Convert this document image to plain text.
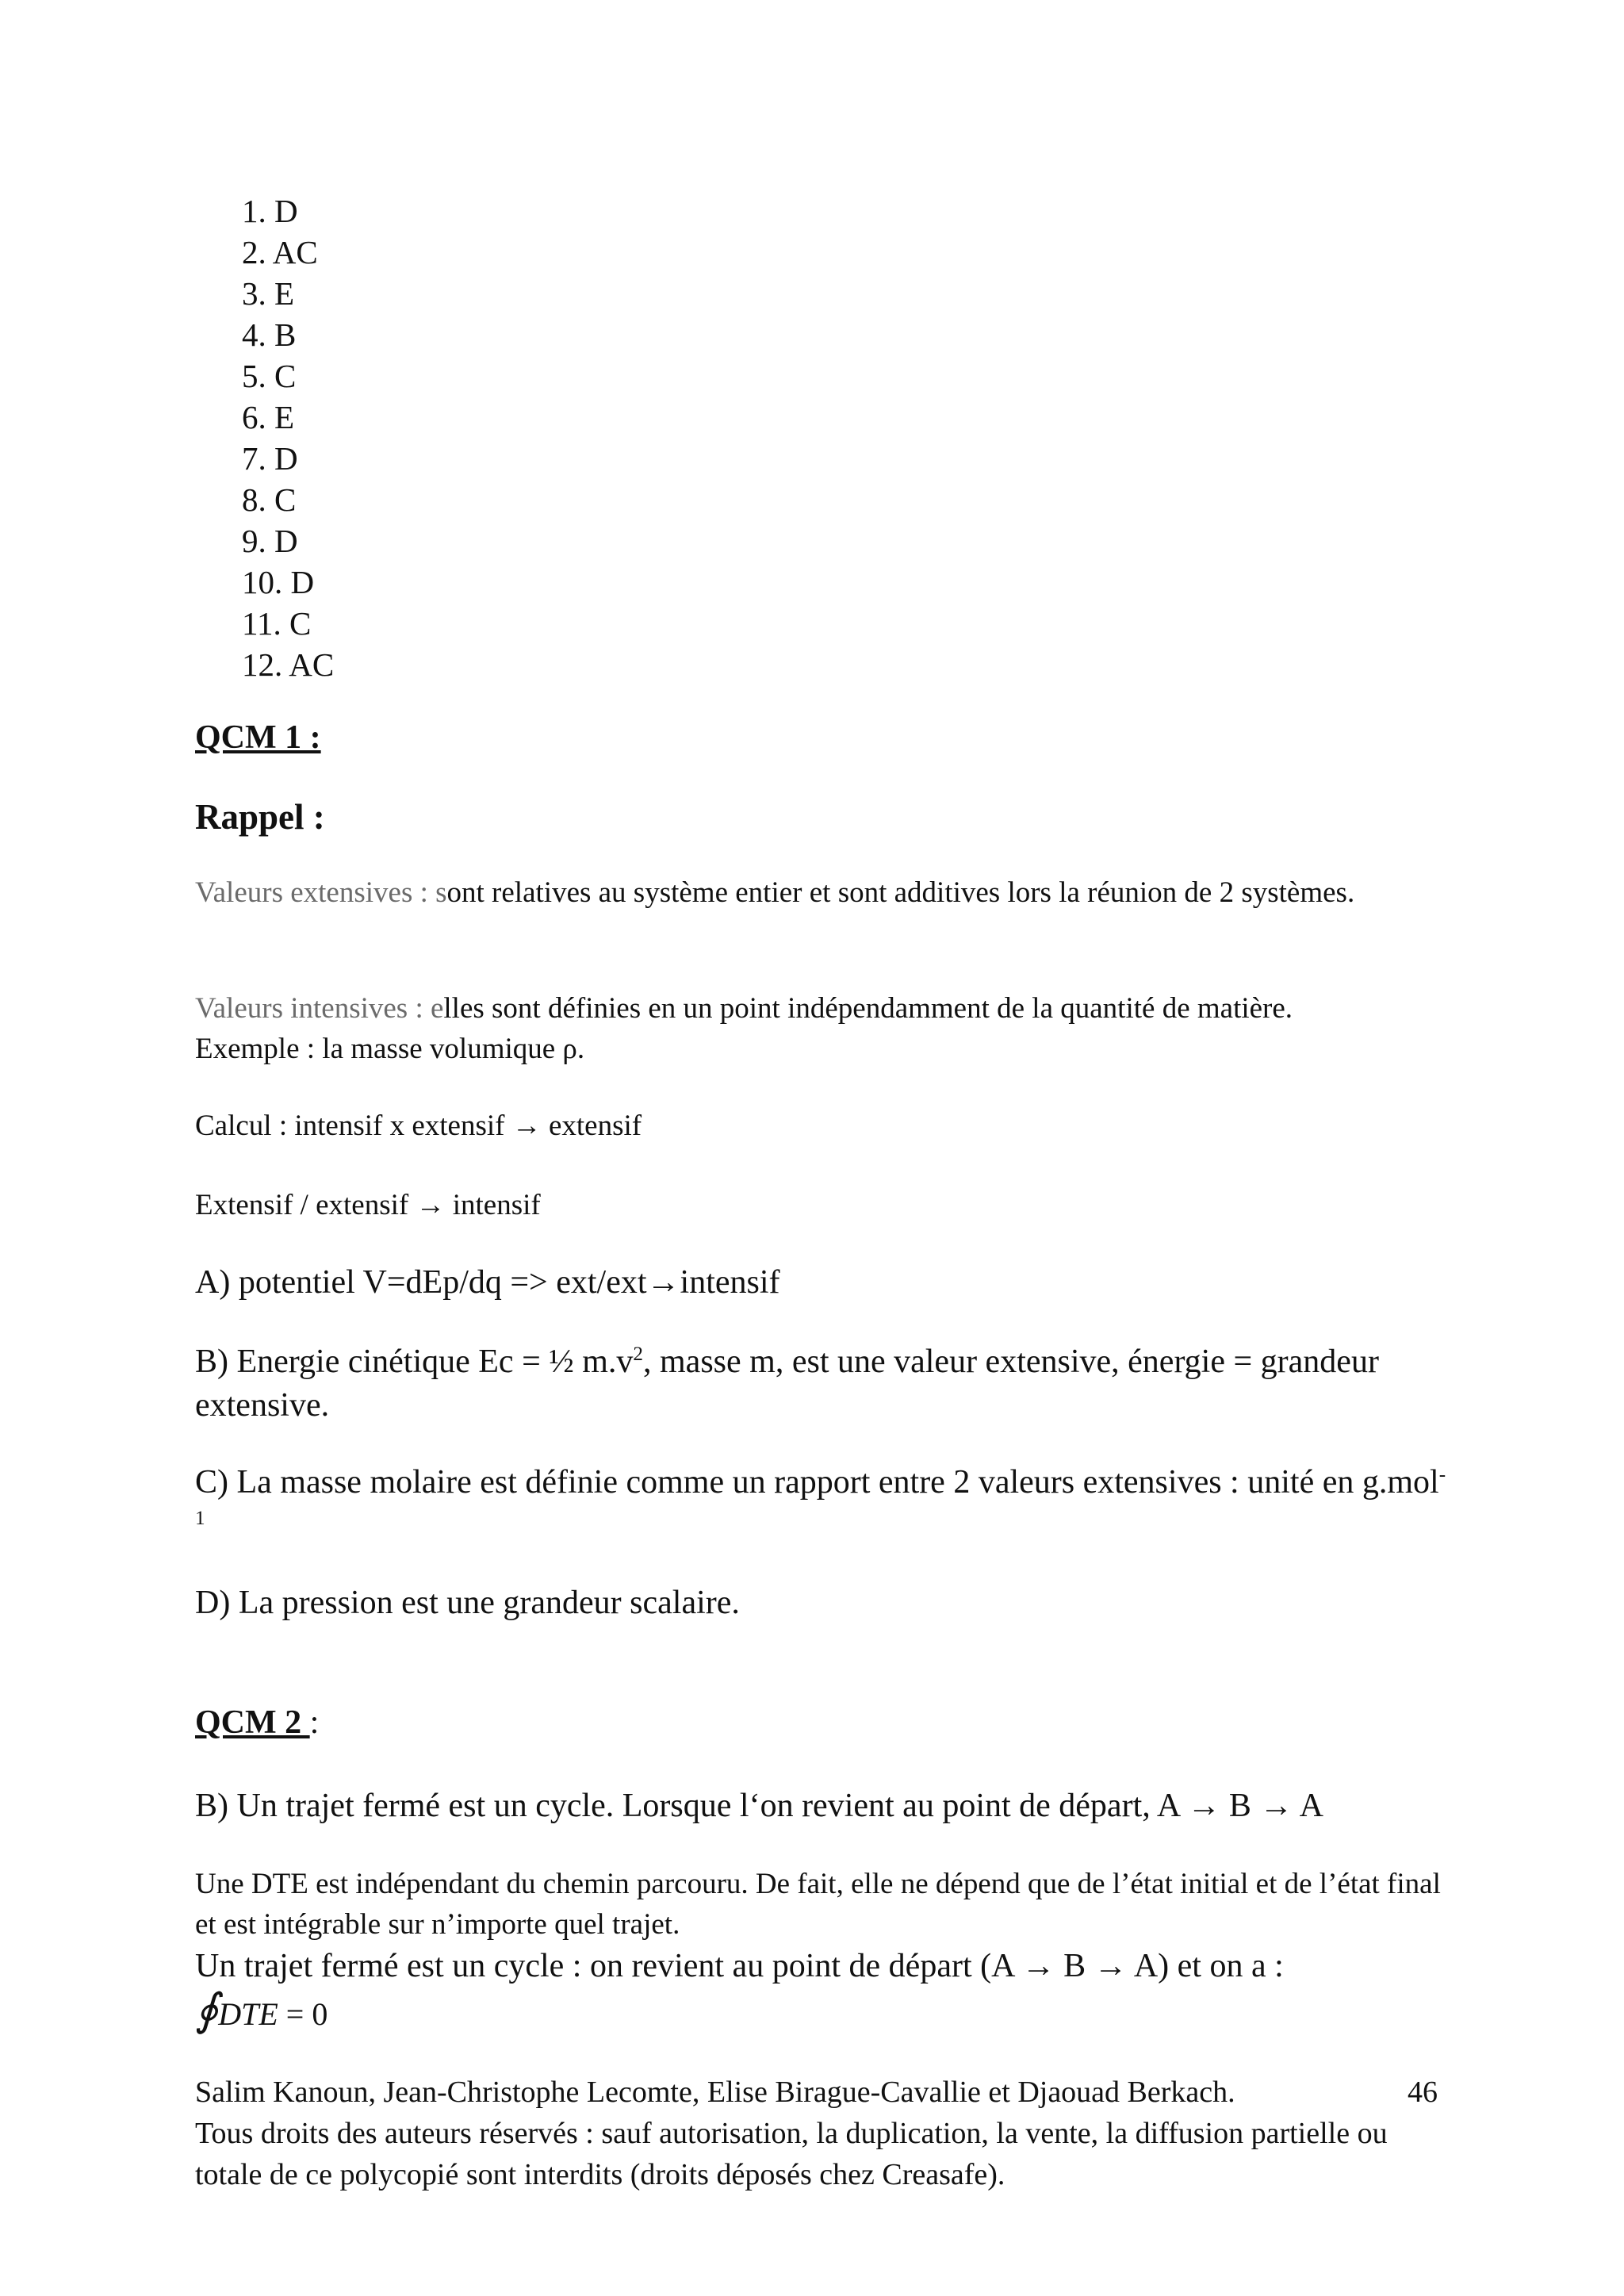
1. D
2. AC
3. E
4. B
5. C
6. E
7. D
8. C
9. D
10. D
11. C
12. AC
QCM 1 :
Rappel :
Valeurs extensives : sont relatives au système entier et sont additives lors la réunion de 2 systèmes.
Valeurs intensives : elles sont définies en un point indépendamment de la quantité de matière.
Exemple : la masse volumique ρ.
Calcul : intensif x extensif → extensif
Extensif / extensif → intensif
A) potentiel V=dEp/dq => ext/ext→intensif
B) Energie cinétique Ec = ½ $m.v^2$, masse m, est une valeur extensive, énergie = grandeur extensive.
C) La masse molaire est définie comme un rapport entre 2 valeurs extensives : unité en g.mol$^{-1}$
D) La pression est une grandeur scalaire.
QCM 2 :
B) Un trajet fermé est un cycle. Lorsque l‘on revient au point de départ, A → B → A
Une DTE est indépendant du chemin parcouru. De fait, elle ne dépend que de l’état initial et de l’état final et est intégrable sur n’importe quel trajet.
Un trajet fermé est un cycle : on revient au point de départ (A → B → A) et on a :
∮DTE = 0
Salim Kanoun, Jean-Christophe Lecomte, Elise Birague-Cavallie et Djaouad Berkach.
Tous droits des auteurs réservés : sauf autorisation, la duplication, la vente, la diffusion partielle ou totale de ce polycopié sont interdits (droits déposés chez Creasafe).
46
